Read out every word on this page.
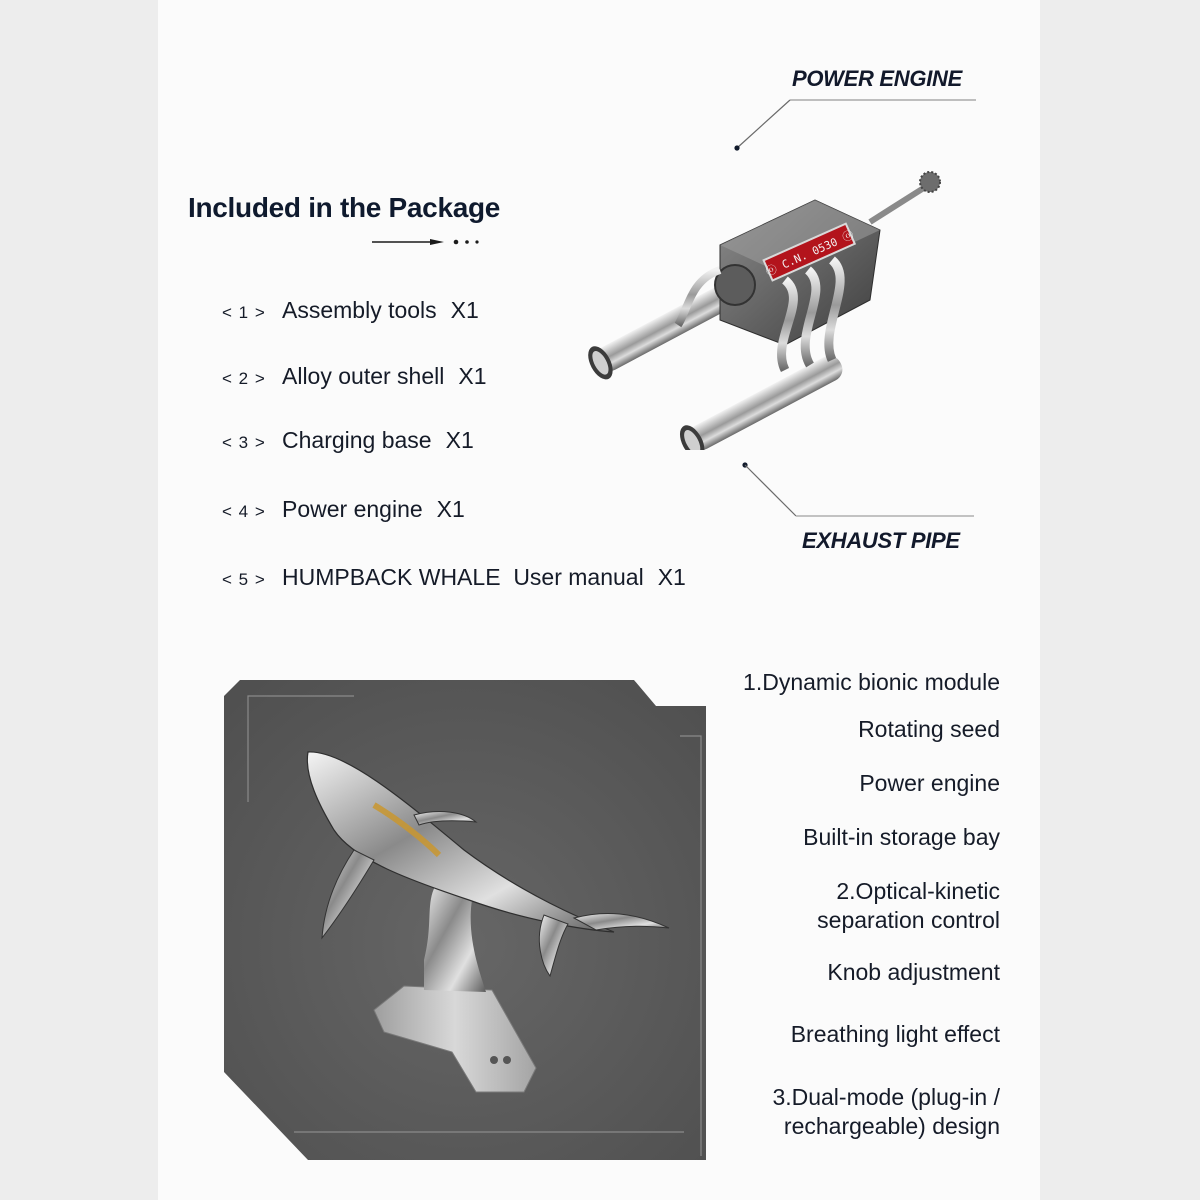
Included in the Package
< 1 > Assembly tools X1
< 2 > Alloy outer shell X1
< 3 > Charging base X1
< 4 > Power engine X1
< 5 > HUMPBACK WHALE  User manual X1
POWER ENGINE
EXHAUST PIPE
ⓞ C.N. 0530 ⓞ
1.Dynamic bionic module
Rotating seed
Power engine
Built-in storage bay
2.Optical-kinetic
separation control
Knob adjustment
Breathing light effect
3.Dual-mode (plug-in /
rechargeable) design
